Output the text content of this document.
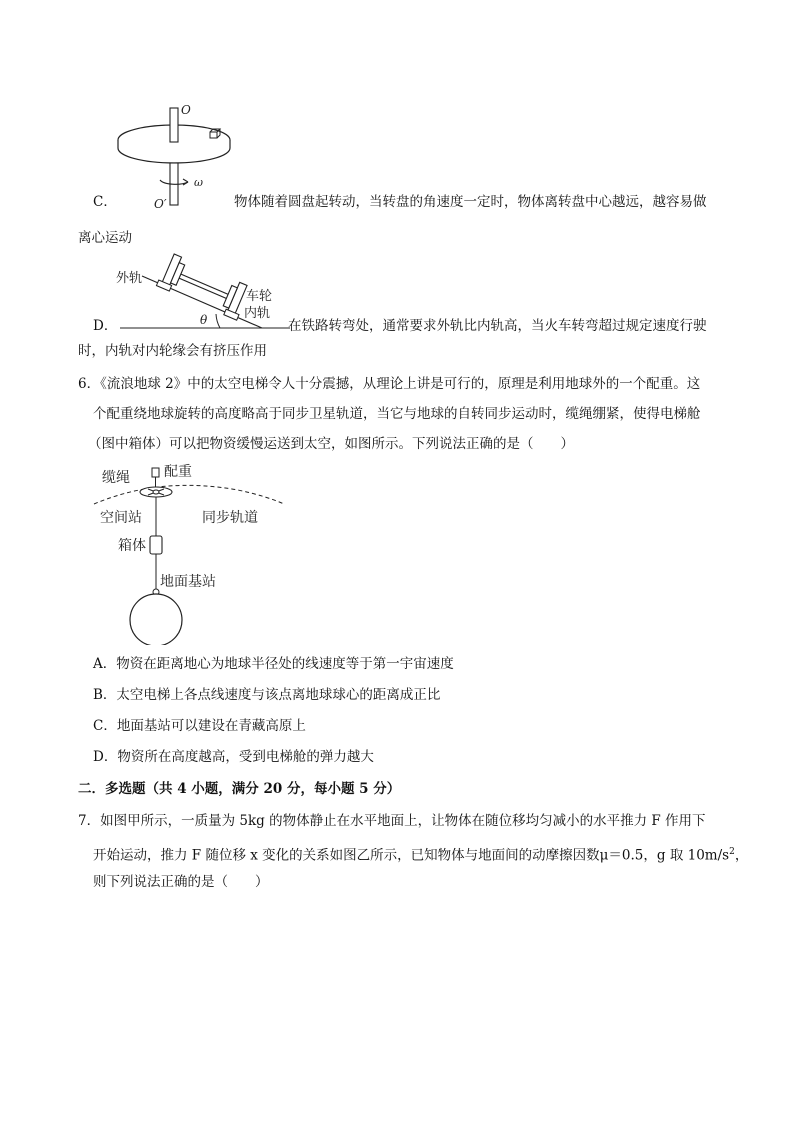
O
O′
ω
C．	物体随着圆盘起转动，当转盘的角速度一定时，物体离转盘中心越远，越容易做
离心运动
θ
外轨
车轮
内轨
D．	在铁路转弯处，通常要求外轨比内轨高，当火车转弯超过规定速度行驶
时，内轨对内轮缘会有挤压作用
6．《流浪地球 2》中的太空电梯令人十分震撼，从理论上讲是可行的，原理是利用地球外的一个配重。这
个配重绕地球旋转的高度略高于同步卫星轨道，当它与地球的自转同步运动时，缆绳绷紧，使得电梯舱
（图中箱体）可以把物资缓慢运送到太空，如图所示。下列说法正确的是（　　）
缆绳 配重
空间站	同步轨道
箱体
地面基站
A．物资在距离地心为地球半径处的线速度等于第一宇宙速度
B．太空电梯上各点线速度与该点离地球球心的距离成正比
C．地面基站可以建设在青藏高原上
D．物资所在高度越高，受到电梯舱的弹力越大
二．多选题（共 4 小题，满分 20 分，每小题 5 分）
7．如图甲所示，一质量为 5kg 的物体静止在水平地面上，让物体在随位移均匀减小的水平推力 F 作用下
开始运动，推力 F 随位移 x 变化的关系如图乙所示，已知物体与地面间的动摩擦因数μ＝0.5，g 取 $10m/s^2$，
则下列说法正确的是（　　）
